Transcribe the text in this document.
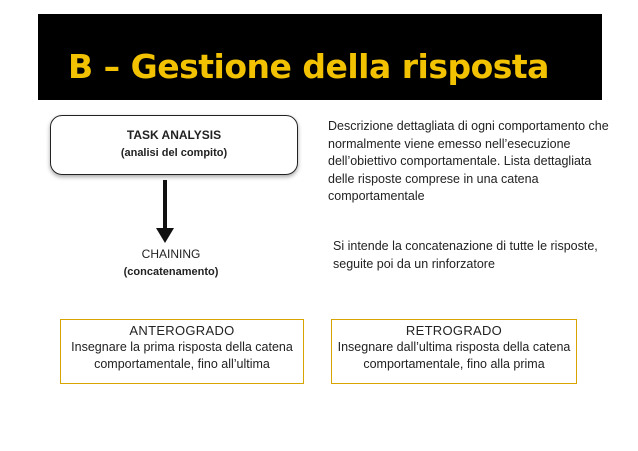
B – Gestione della risposta
TASK ANALYSIS
(analisi del compito)
CHAINING
(concatenamento)
Descrizione dettagliata di ogni comportamento che normalmente viene emesso nell’esecuzione dell’obiettivo comportamentale. Lista dettagliata delle risposte comprese in una catena comportamentale
Si intende la concatenazione di tutte le risposte, seguite poi da un rinforzatore
ANTEROGRADO
Insegnare la prima risposta della catena comportamentale, fino all’ultima
RETROGRADO
Insegnare dall’ultima risposta della catena comportamentale, fino alla prima
